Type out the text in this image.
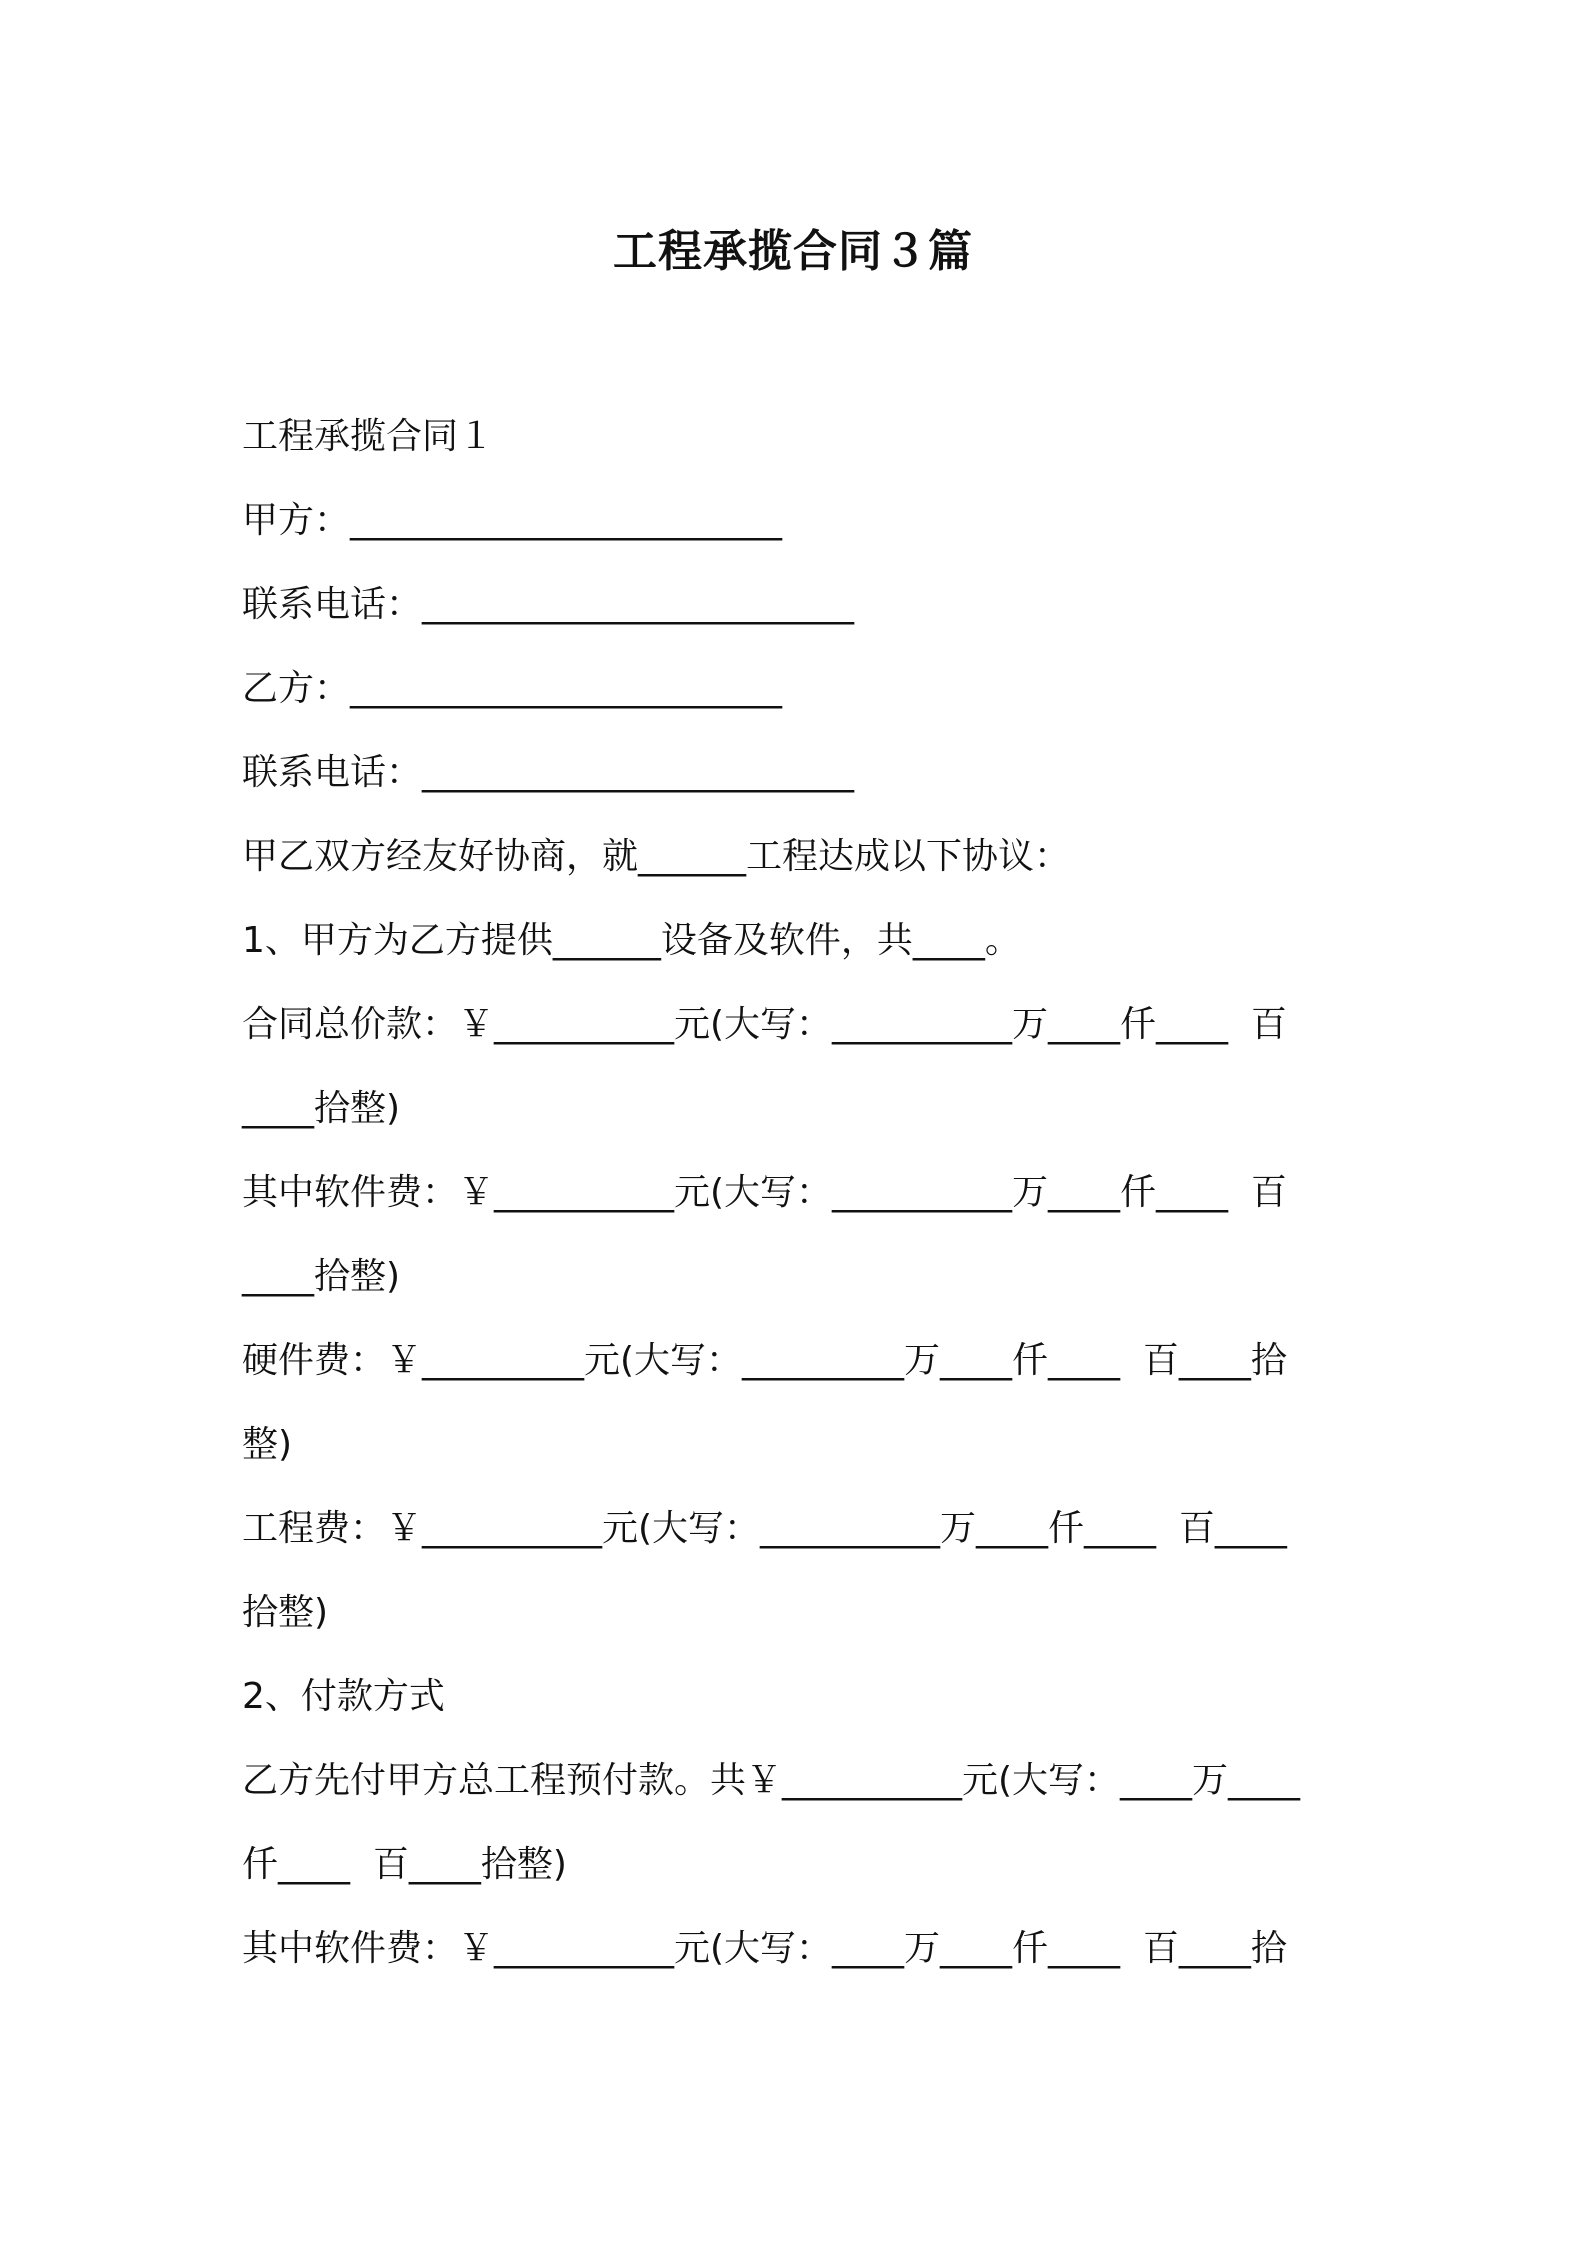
工程承揽合同３篇
工程承揽合同１
甲方：________________________
联系电话：________________________
乙方：________________________
联系电话：________________________
甲乙双方经友好协商，就______工程达成以下协议：
1、甲方为乙方提供______设备及软件，共____。
合同总价款：￥__________元(大写：__________万____仟____  百
____拾整)
其中软件费：￥__________元(大写：__________万____仟____  百
____拾整)
硬件费：￥_________元(大写：_________万____仟____  百____拾
整)
工程费：￥__________元(大写：__________万____仟____  百____
拾整)
2、付款方式
乙方先付甲方总工程预付款。共￥__________元(大写：____万____
仟____  百____拾整)
其中软件费：￥__________元(大写：____万____仟____  百____拾
